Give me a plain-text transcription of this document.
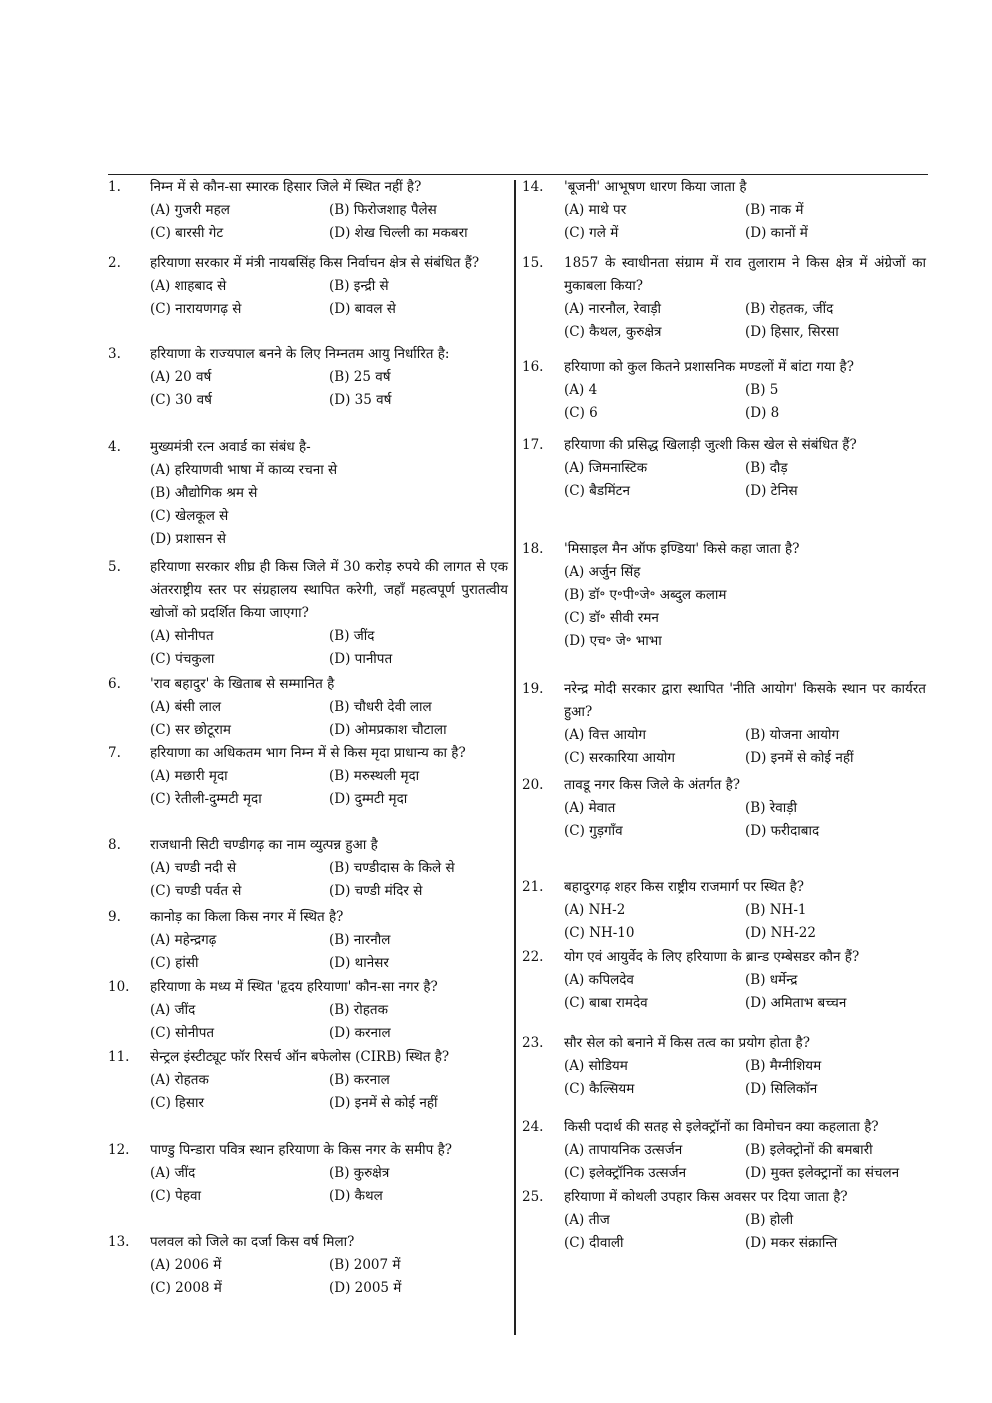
1.	निम्न में से कौन-सा स्मारक हिसार जिले में स्थित नहीं है?
(A) गुजरी महल	(B) फिरोजशाह पैलेस
(C) बारसी गेट	(D) शेख चिल्ली का मकबरा
2.	हरियाणा सरकार में मंत्री नायबसिंह किस निर्वाचन क्षेत्र से संबंधित हैं?
(A) शाहबाद से	(B) इन्द्री से
(C) नारायणगढ़ से	(D) बावल से
3.	हरियाणा के राज्यपाल बनने के लिए निम्नतम आयु निर्धारित है:
(A) 20 वर्ष	(B) 25 वर्ष
(C) 30 वर्ष	(D) 35 वर्ष
4.	मुख्यमंत्री रत्न अवार्ड का संबंध है-
(A) हरियाणवी भाषा में काव्य रचना से
(B) औद्योगिक श्रम से
(C) खेलकूल से
(D) प्रशासन से
5.	हरियाणा सरकार शीघ्र ही किस जिले में 30 करोड़ रुपये की लागत से एक अंतरराष्ट्रीय स्तर पर संग्रहालय स्थापित करेगी, जहाँ महत्वपूर्ण पुरातत्वीय खोजों को प्रदर्शित किया जाएगा?
(A) सोनीपत	(B) जींद
(C) पंचकुला	(D) पानीपत
6.	'राव बहादुर' के खिताब से सम्मानित है
(A) बंसी लाल	(B) चौधरी देवी लाल
(C) सर छोटूराम	(D) ओमप्रकाश चौटाला
7.	हरियाणा का अधिकतम भाग निम्न में से किस मृदा प्राधान्य का है?
(A) मछारी मृदा	(B) मरुस्थली मृदा
(C) रेतीली-दुम्मटी मृदा	(D) दुम्मटी मृदा
8.	राजधानी सिटी चण्डीगढ़ का नाम व्युत्पन्न हुआ है
(A) चण्डी नदी से	(B) चण्डीदास के किले से
(C) चण्डी पर्वत से	(D) चण्डी मंदिर से
9.	कानोड़ का किला किस नगर में स्थित है?
(A) महेन्द्रगढ़	(B) नारनौल
(C) हांसी	(D) थानेसर
10.	हरियाणा के मध्य में स्थित 'हृदय हरियाणा' कौन-सा नगर है?
(A) जींद	(B) रोहतक
(C) सोनीपत	(D) करनाल
11.	सेन्ट्रल इंस्टीट्यूट फॉर रिसर्च ऑन बफेलोस (CIRB) स्थित है?
(A) रोहतक	(B) करनाल
(C) हिसार	(D) इनमें से कोई नहीं
12.	पाण्डु पिन्डारा पवित्र स्थान हरियाणा के किस नगर के समीप है?
(A) जींद	(B) कुरुक्षेत्र
(C) पेहवा	(D) कैथल
13.	पलवल को जिले का दर्जा किस वर्ष मिला?
(A) 2006 में	(B) 2007 में
(C) 2008 में	(D) 2005 में
14.	'बूजनी' आभूषण धारण किया जाता है
(A) माथे पर	(B) नाक में
(C) गले में	(D) कानों में
15.	1857 के स्वाधीनता संग्राम में राव तुलाराम ने किस क्षेत्र में अंग्रेजों का मुकाबला किया?
(A) नारनौल, रेवाड़ी	(B) रोहतक, जींद
(C) कैथल, कुरुक्षेत्र	(D) हिसार, सिरसा
16.	हरियाणा को कुल कितने प्रशासनिक मण्डलों में बांटा गया है?
(A) 4	(B) 5
(C) 6	(D) 8
17.	हरियाणा की प्रसिद्ध खिलाड़ी जुत्शी किस खेल से संबंधित हैं?
(A) जिमनास्टिक	(B) दौड़
(C) बैडमिंटन	(D) टेनिस
18.	'मिसाइल मैन ऑफ इण्डिया' किसे कहा जाता है?
(A) अर्जुन सिंह
(B) डॉ॰ ए॰पी॰जे॰ अब्दुल कलाम
(C) डॉ॰ सीवी रमन
(D) एच॰ जे॰ भाभा
19.	नरेन्द्र मोदी सरकार द्वारा स्थापित 'नीति आयोग' किसके स्थान पर कार्यरत हुआ?
(A) वित्त आयोग	(B) योजना आयोग
(C) सरकारिया आयोग	(D) इनमें से कोई नहीं
20.	तावडू नगर किस जिले के अंतर्गत है?
(A) मेवात	(B) रेवाड़ी
(C) गुड़गाँव	(D) फरीदाबाद
21.	बहादुरगढ़ शहर किस राष्ट्रीय राजमार्ग पर स्थित है?
(A) NH-2	(B) NH-1
(C) NH-10	(D) NH-22
22.	योग एवं आयुर्वेद के लिए हरियाणा के ब्रान्ड एम्बेसडर कौन हैं?
(A) कपिलदेव	(B) धर्मेन्द्र
(C) बाबा रामदेव	(D) अमिताभ बच्चन
23.	सौर सेल को बनाने में किस तत्व का प्रयोग होता है?
(A) सोडियम	(B) मैग्नीशियम
(C) कैल्सियम	(D) सिलिकॉन
24.	किसी पदार्थ की सतह से इलेक्ट्रॉनों का विमोचन क्या कहलाता है?
(A) तापायनिक उत्सर्जन	(B) इलेक्ट्रोनों की बमबारी
(C) इलेक्ट्रॉनिक उत्सर्जन	(D) मुक्त इलेक्ट्रानों का संचलन
25.	हरियाणा में कोथली उपहार किस अवसर पर दिया जाता है?
(A) तीज	(B) होली
(C) दीवाली	(D) मकर संक्रान्ति
